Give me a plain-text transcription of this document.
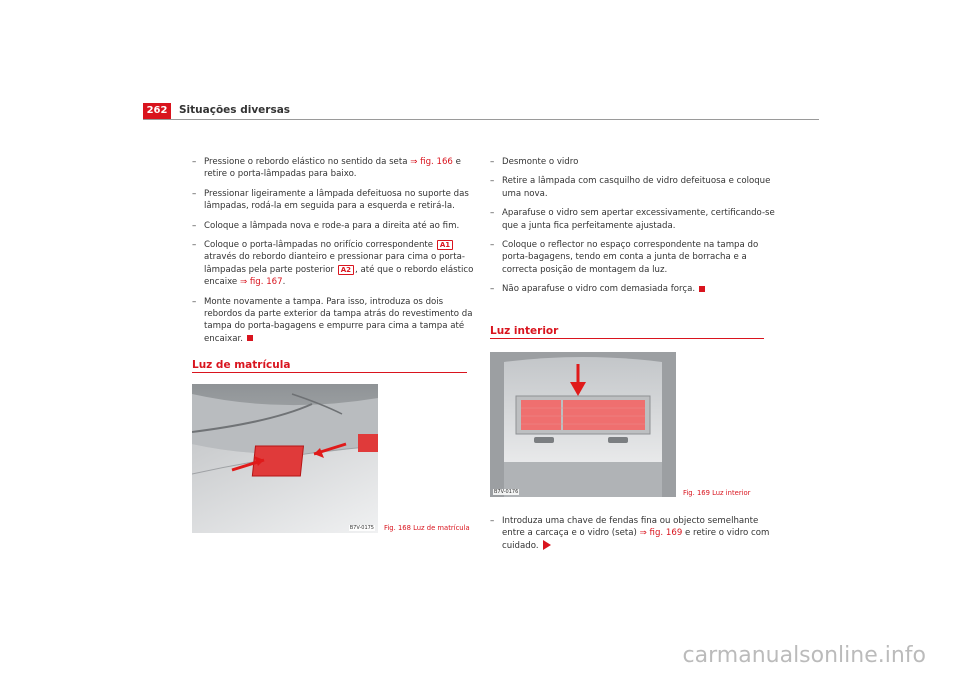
262	Situações diversas
– Pressione o rebordo elástico no sentido da seta ⇒ fig. 166 e retire o porta-lâmpadas para baixo.
– Pressionar ligeiramente a lâmpada defeituosa no suporte das lâmpadas, rodá-la em seguida para a esquerda e retirá-la.
– Coloque a lâmpada nova e rode-a para a direita até ao fim.
– Coloque o porta-lâmpadas no orifício correspondente A1 através do rebordo dianteiro e pressionar para cima o porta-lâmpadas pela parte posterior A2 , até que o rebordo elástico encaixe ⇒ fig. 167.
– Monte novamente a tampa. Para isso, introduza os dois rebordos da parte exterior da tampa atrás do revestimento da tampa do porta-bagagens e empurre para cima a tampa até encaixar.
Luz de matrícula
B7V-0175 Fig. 168 Luz de matrícula
– Desmonte o vidro
– Retire a lâmpada com casquilho de vidro defeituosa e coloque uma nova.
– Aparafuse o vidro sem apertar excessivamente, certificando-se que a junta fica perfeitamente ajustada.
– Coloque o reflector no espaço correspondente na tampa do porta-bagagens, tendo em conta a junta de borracha e a correcta posição de montagem da luz.
– Não aparafuse o vidro com demasiada força.
Luz interior
B7V-0176	Fig. 169 Luz interior
– Introduza uma chave de fendas fina ou objecto semelhante entre a carcaça e o vidro (seta) ⇒ fig. 169 e retire o vidro com cuidado.
carmanualsonline.info
